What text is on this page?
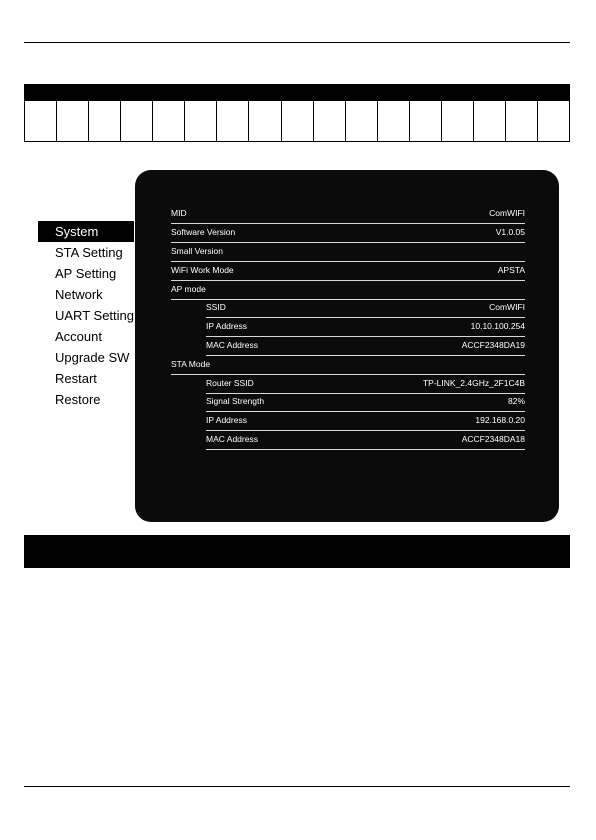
System
STA Setting
AP Setting
Network
UART Setting
Account
Upgrade SW
Restart
Restore
MID	ComWIFI
Software Version	V1.0.05
Small Version
WiFi Work Mode	APSTA
AP mode
SSID	ComWIFI
IP Address	10.10.100.254
MAC Address	ACCF2348DA19
STA Mode
Router SSID	TP-LINK_2.4GHz_2F1C4B
Signal Strength	82%
IP Address	192.168.0.20
MAC Address	ACCF2348DA18
